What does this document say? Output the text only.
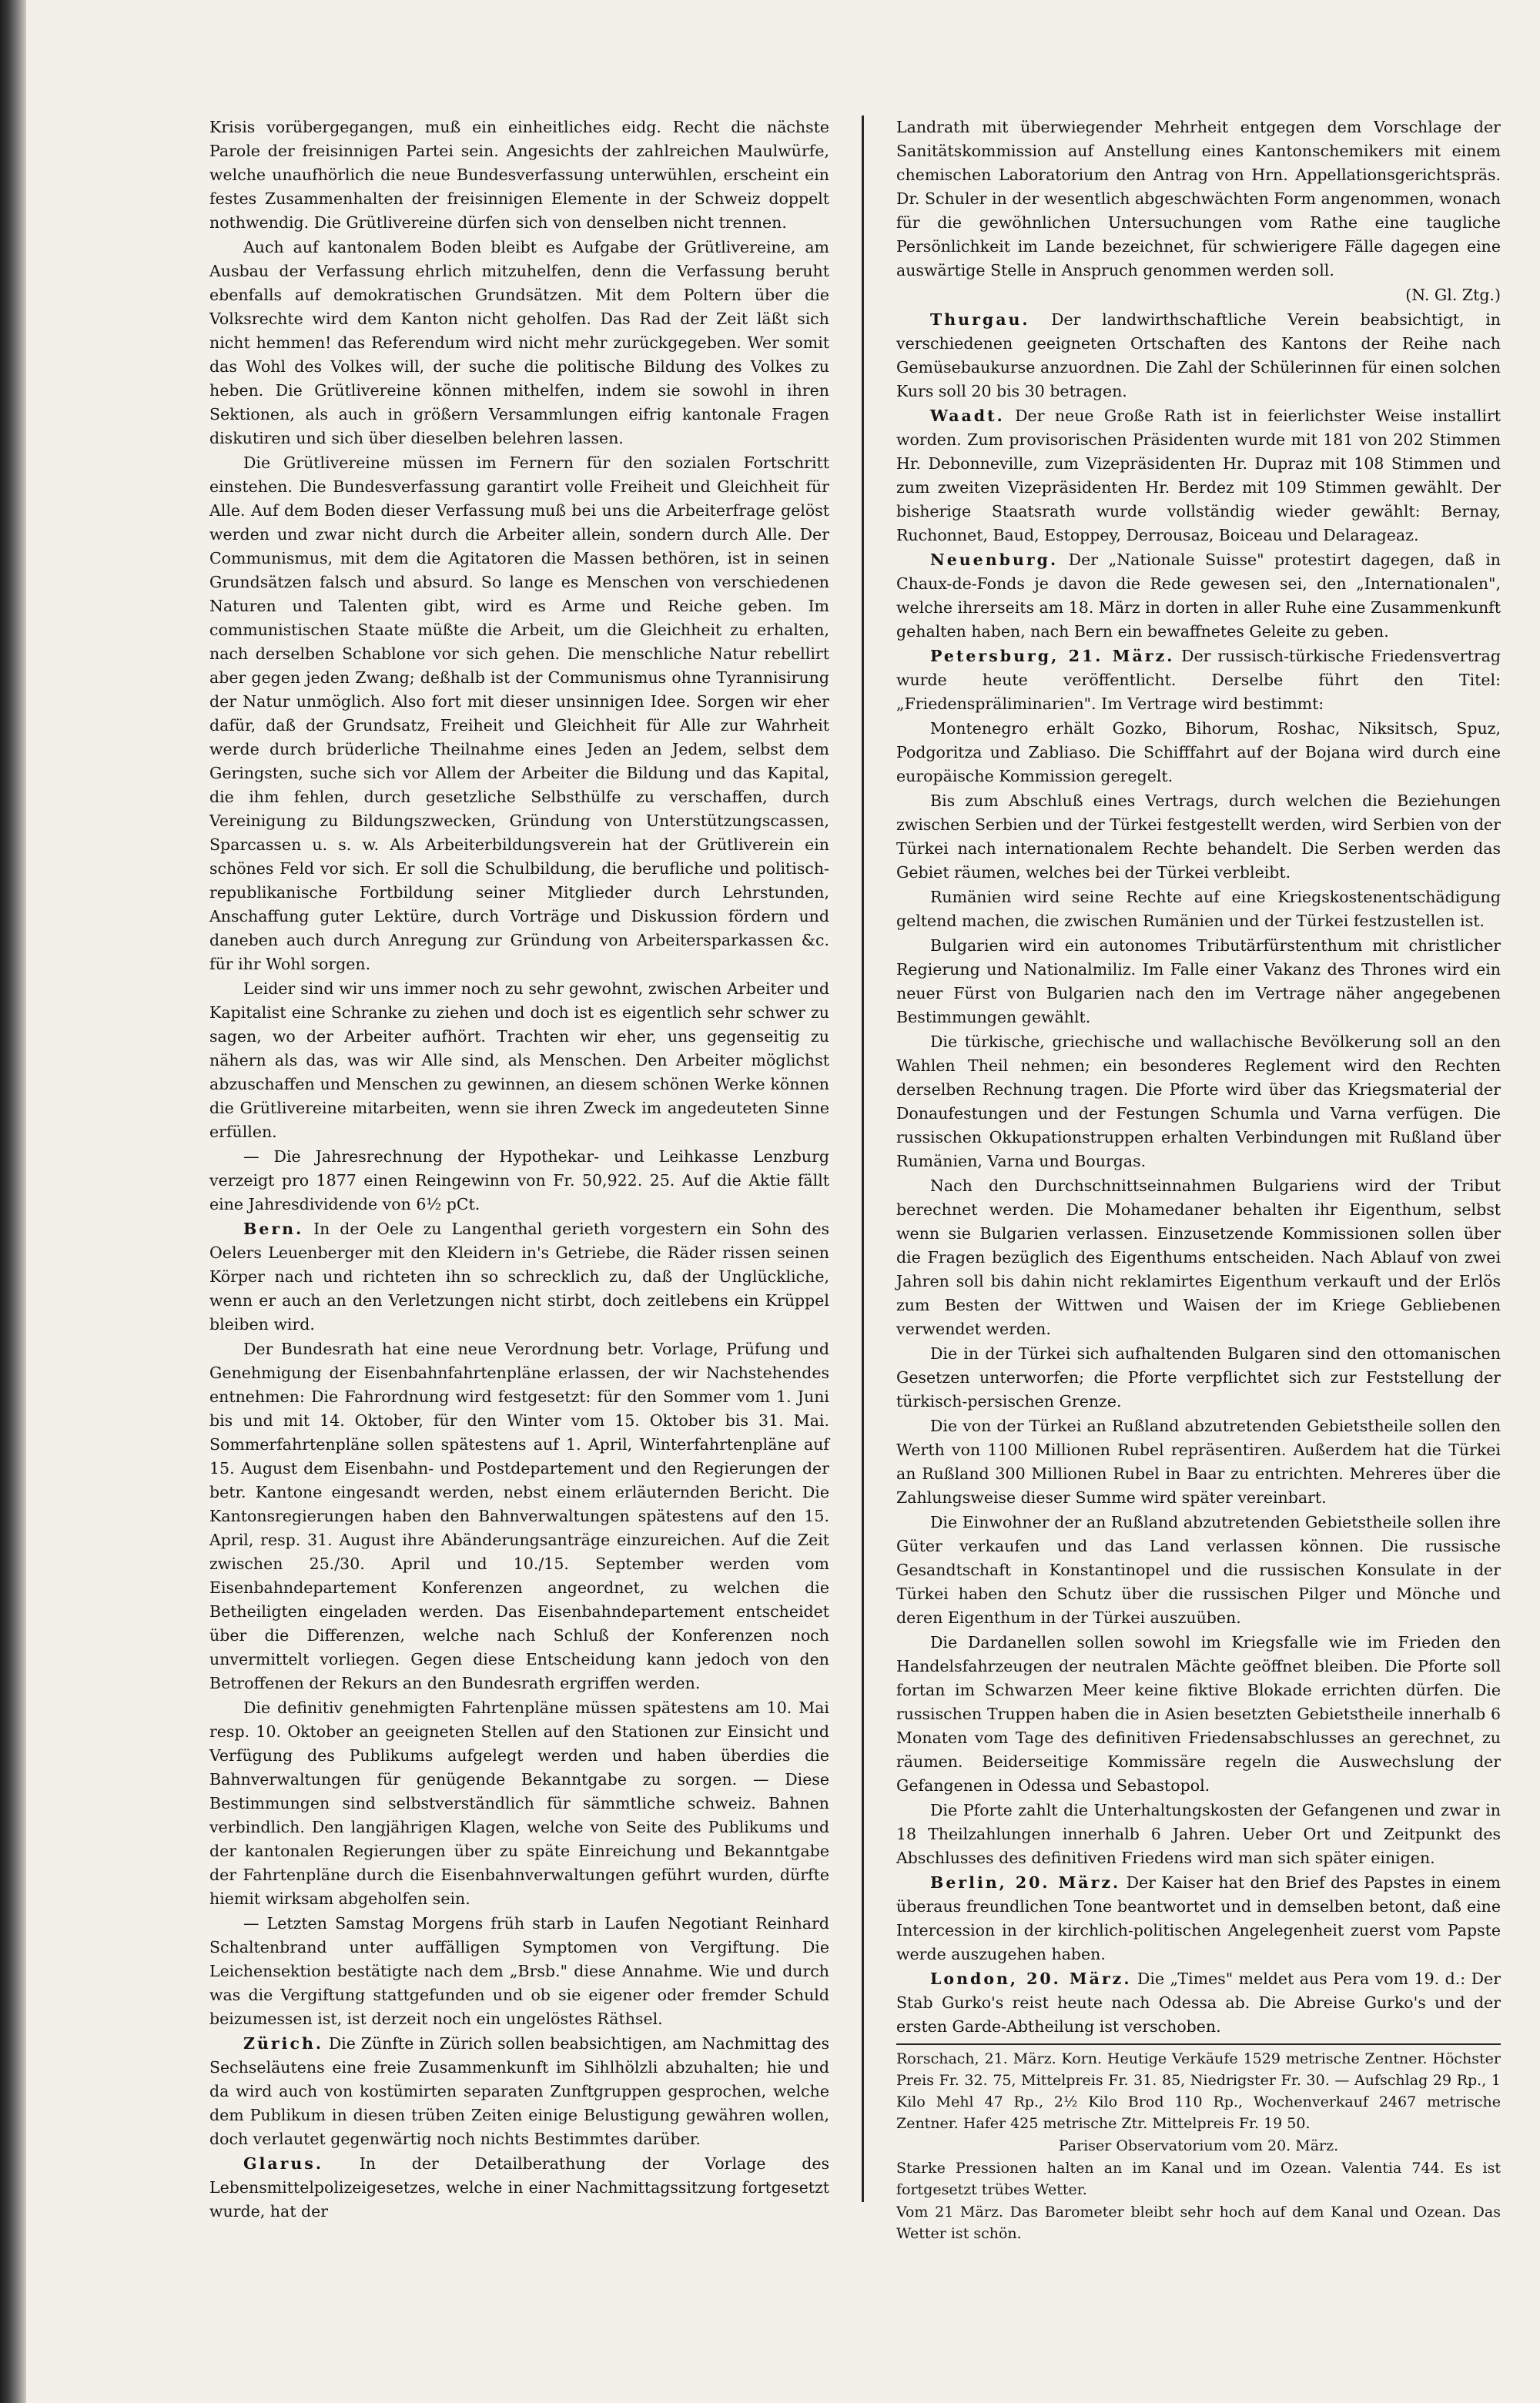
Krisis vorübergegangen, muß ein einheitliches eidg. Recht die nächste Parole der freisinnigen Partei sein. Angesichts der zahlreichen Maulwürfe, welche unaufhörlich die neue Bundesverfassung unterwühlen, erscheint ein festes Zusammenhalten der freisinnigen Elemente in der Schweiz doppelt nothwendig. Die Grütlivereine dürfen sich von denselben nicht trennen.

Auch auf kantonalem Boden bleibt es Aufgabe der Grütlivereine, am Ausbau der Verfassung ehrlich mitzuhelfen, denn die Verfassung beruht ebenfalls auf demokratischen Grundsätzen. Mit dem Poltern über die Volksrechte wird dem Kanton nicht geholfen. Das Rad der Zeit läßt sich nicht hemmen! das Referendum wird nicht mehr zurückgegeben. Wer somit das Wohl des Volkes will, der suche die politische Bildung des Volkes zu heben. Die Grütlivereine können mithelfen, indem sie sowohl in ihren Sektionen, als auch in größern Versammlungen eifrig kantonale Fragen diskutiren und sich über dieselben belehren lassen.

Die Grütlivereine müssen im Fernern für den sozialen Fortschritt einstehen. Die Bundesverfassung garantirt volle Freiheit und Gleichheit für Alle. Auf dem Boden dieser Verfassung muß bei uns die Arbeiterfrage gelöst werden und zwar nicht durch die Arbeiter allein, sondern durch Alle. Der Communismus, mit dem die Agitatoren die Massen bethören, ist in seinen Grundsätzen falsch und absurd. So lange es Menschen von verschiedenen Naturen und Talenten gibt, wird es Arme und Reiche geben. Im communistischen Staate müßte die Arbeit, um die Gleichheit zu erhalten, nach derselben Schablone vor sich gehen. Die menschliche Natur rebellirt aber gegen jeden Zwang; deßhalb ist der Communismus ohne Tyrannisirung der Natur unmöglich. Also fort mit dieser unsinnigen Idee. Sorgen wir eher dafür, daß der Grundsatz, Freiheit und Gleichheit für Alle zur Wahrheit werde durch brüderliche Theilnahme eines Jeden an Jedem, selbst dem Geringsten, suche sich vor Allem der Arbeiter die Bildung und das Kapital, die ihm fehlen, durch gesetzliche Selbsthülfe zu verschaffen, durch Vereinigung zu Bildungszwecken, Gründung von Unterstützungscassen, Sparcassen u. s. w. Als Arbeiterbildungsverein hat der Grütliverein ein schönes Feld vor sich. Er soll die Schulbildung, die berufliche und politisch-republikanische Fortbildung seiner Mitglieder durch Lehrstunden, Anschaffung guter Lektüre, durch Vorträge und Diskussion fördern und daneben auch durch Anregung zur Gründung von Arbeitersparkassen &c. für ihr Wohl sorgen.

Leider sind wir uns immer noch zu sehr gewohnt, zwischen Arbeiter und Kapitalist eine Schranke zu ziehen und doch ist es eigentlich sehr schwer zu sagen, wo der Arbeiter aufhört. Trachten wir eher, uns gegenseitig zu nähern als das, was wir Alle sind, als Menschen. Den Arbeiter möglichst abzuschaffen und Menschen zu gewinnen, an diesem schönen Werke können die Grütlivereine mitarbeiten, wenn sie ihren Zweck im angedeuteten Sinne erfüllen.

— Die Jahresrechnung der Hypothekar- und Leihkasse Lenzburg verzeigt pro 1877 einen Reingewinn von Fr. 50,922. 25. Auf die Aktie fällt eine Jahresdividende von 6½ pCt.

Bern. In der Oele zu Langenthal gerieth vorgestern ein Sohn des Oelers Leuenberger mit den Kleidern in's Getriebe, die Räder rissen seinen Körper nach und richteten ihn so schrecklich zu, daß der Unglückliche, wenn er auch an den Verletzungen nicht stirbt, doch zeitlebens ein Krüppel bleiben wird.

Der Bundesrath hat eine neue Verordnung betr. Vorlage, Prüfung und Genehmigung der Eisenbahnfahrtenpläne erlassen, der wir Nachstehendes entnehmen: Die Fahrordnung wird festgesetzt: für den Sommer vom 1. Juni bis und mit 14. Oktober, für den Winter vom 15. Oktober bis 31. Mai. Sommerfahrtenpläne sollen spätestens auf 1. April, Winterfahrtenpläne auf 15. August dem Eisenbahn- und Postdepartement und den Regierungen der betr. Kantone eingesandt werden, nebst einem erläuternden Bericht. Die Kantonsregierungen haben den Bahnverwaltungen spätestens auf den 15. April, resp. 31. August ihre Abänderungsanträge einzureichen. Auf die Zeit zwischen 25./30. April und 10./15. September werden vom Eisenbahndepartement Konferenzen angeordnet, zu welchen die Betheiligten eingeladen werden. Das Eisenbahndepartement entscheidet über die Differenzen, welche nach Schluß der Konferenzen noch unvermittelt vorliegen. Gegen diese Entscheidung kann jedoch von den Betroffenen der Rekurs an den Bundesrath ergriffen werden.

Die definitiv genehmigten Fahrtenpläne müssen spätestens am 10. Mai resp. 10. Oktober an geeigneten Stellen auf den Stationen zur Einsicht und Verfügung des Publikums aufgelegt werden und haben überdies die Bahnverwaltungen für genügende Bekanntgabe zu sorgen. — Diese Bestimmungen sind selbstverständlich für sämmtliche schweiz. Bahnen verbindlich. Den langjährigen Klagen, welche von Seite des Publikums und der kantonalen Regierungen über zu späte Einreichung und Bekanntgabe der Fahrtenpläne durch die Eisenbahnverwaltungen geführt wurden, dürfte hiemit wirksam abgeholfen sein.

— Letzten Samstag Morgens früh starb in Laufen Negotiant Reinhard Schaltenbrand unter auffälligen Symptomen von Vergiftung. Die Leichensektion bestätigte nach dem „Brsb." diese Annahme. Wie und durch was die Vergiftung stattgefunden und ob sie eigener oder fremder Schuld beizumessen ist, ist derzeit noch ein ungelöstes Räthsel.

Zürich. Die Zünfte in Zürich sollen beabsichtigen, am Nachmittag des Sechseläutens eine freie Zusammenkunft im Sihlhölzli abzuhalten; hie und da wird auch von kostümirten separaten Zunftgruppen gesprochen, welche dem Publikum in diesen trüben Zeiten einige Belustigung gewähren wollen, doch verlautet gegenwärtig noch nichts Bestimmtes darüber.

Glarus. In der Detailberathung der Vorlage des Lebensmittelpolizeigesetzes, welche in einer Nachmittagssitzung fortgesetzt wurde, hat der

Landrath mit überwiegender Mehrheit entgegen dem Vorschlage der Sanitätskommission auf Anstellung eines Kantonschemikers mit einem chemischen Laboratorium den Antrag von Hrn. Appellationsgerichtspräs. Dr. Schuler in der wesentlich abgeschwächten Form angenommen, wonach für die gewöhnlichen Untersuchungen vom Rathe eine taugliche Persönlichkeit im Lande bezeichnet, für schwierigere Fälle dagegen eine auswärtige Stelle in Anspruch genommen werden soll.

(N. Gl. Ztg.)

Thurgau. Der landwirthschaftliche Verein beabsichtigt, in verschiedenen geeigneten Ortschaften des Kantons der Reihe nach Gemüsebaukurse anzuordnen. Die Zahl der Schülerinnen für einen solchen Kurs soll 20 bis 30 betragen.

Waadt. Der neue Große Rath ist in feierlichster Weise installirt worden. Zum provisorischen Präsidenten wurde mit 181 von 202 Stimmen Hr. Debonneville, zum Vizepräsidenten Hr. Dupraz mit 108 Stimmen und zum zweiten Vizepräsidenten Hr. Berdez mit 109 Stimmen gewählt. Der bisherige Staatsrath wurde vollständig wieder gewählt: Bernay, Ruchonnet, Baud, Estoppey, Derrousaz, Boiceau und Delarageaz.

Neuenburg. Der „Nationale Suisse" protestirt dagegen, daß in Chaux-de-Fonds je davon die Rede gewesen sei, den „Internationalen", welche ihrerseits am 18. März in dorten in aller Ruhe eine Zusammenkunft gehalten haben, nach Bern ein bewaffnetes Geleite zu geben.

Petersburg, 21. März. Der russisch-türkische Friedensvertrag wurde heute veröffentlicht. Derselbe führt den Titel: „Friedenspräliminarien". Im Vertrage wird bestimmt:

Montenegro erhält Gozko, Bihorum, Roshac, Niksitsch, Spuz, Podgoritza und Zabliaso. Die Schifffahrt auf der Bojana wird durch eine europäische Kommission geregelt.

Bis zum Abschluß eines Vertrags, durch welchen die Beziehungen zwischen Serbien und der Türkei festgestellt werden, wird Serbien von der Türkei nach internationalem Rechte behandelt. Die Serben werden das Gebiet räumen, welches bei der Türkei verbleibt.

Rumänien wird seine Rechte auf eine Kriegskostenentschädigung geltend machen, die zwischen Rumänien und der Türkei festzustellen ist.

Bulgarien wird ein autonomes Tributärfürstenthum mit christlicher Regierung und Nationalmiliz. Im Falle einer Vakanz des Thrones wird ein neuer Fürst von Bulgarien nach den im Vertrage näher angegebenen Bestimmungen gewählt.

Die türkische, griechische und wallachische Bevölkerung soll an den Wahlen Theil nehmen; ein besonderes Reglement wird den Rechten derselben Rechnung tragen. Die Pforte wird über das Kriegsmaterial der Donaufestungen und der Festungen Schumla und Varna verfügen. Die russischen Okkupationstruppen erhalten Verbindungen mit Rußland über Rumänien, Varna und Bourgas.

Nach den Durchschnittseinnahmen Bulgariens wird der Tribut berechnet werden. Die Mohamedaner behalten ihr Eigenthum, selbst wenn sie Bulgarien verlassen. Einzusetzende Kommissionen sollen über die Fragen bezüglich des Eigenthums entscheiden. Nach Ablauf von zwei Jahren soll bis dahin nicht reklamirtes Eigenthum verkauft und der Erlös zum Besten der Wittwen und Waisen der im Kriege Gebliebenen verwendet werden.

Die in der Türkei sich aufhaltenden Bulgaren sind den ottomanischen Gesetzen unterworfen; die Pforte verpflichtet sich zur Feststellung der türkisch-persischen Grenze.

Die von der Türkei an Rußland abzutretenden Gebietstheile sollen den Werth von 1100 Millionen Rubel repräsentiren. Außerdem hat die Türkei an Rußland 300 Millionen Rubel in Baar zu entrichten. Mehreres über die Zahlungsweise dieser Summe wird später vereinbart.

Die Einwohner der an Rußland abzutretenden Gebietstheile sollen ihre Güter verkaufen und das Land verlassen können. Die russische Gesandtschaft in Konstantinopel und die russischen Konsulate in der Türkei haben den Schutz über die russischen Pilger und Mönche und deren Eigenthum in der Türkei auszuüben.

Die Dardanellen sollen sowohl im Kriegsfalle wie im Frieden den Handelsfahrzeugen der neutralen Mächte geöffnet bleiben. Die Pforte soll fortan im Schwarzen Meer keine fiktive Blokade errichten dürfen. Die russischen Truppen haben die in Asien besetzten Gebietstheile innerhalb 6 Monaten vom Tage des definitiven Friedensabschlusses an gerechnet, zu räumen. Beiderseitige Kommissäre regeln die Auswechslung der Gefangenen in Odessa und Sebastopol.

Die Pforte zahlt die Unterhaltungskosten der Gefangenen und zwar in 18 Theilzahlungen innerhalb 6 Jahren. Ueber Ort und Zeitpunkt des Abschlusses des definitiven Friedens wird man sich später einigen.

Berlin, 20. März. Der Kaiser hat den Brief des Papstes in einem überaus freundlichen Tone beantwortet und in demselben betont, daß eine Intercession in der kirchlich-politischen Angelegenheit zuerst vom Papste werde auszugehen haben.

London, 20. März. Die „Times" meldet aus Pera vom 19. d.: Der Stab Gurko's reist heute nach Odessa ab. Die Abreise Gurko's und der ersten Garde-Abtheilung ist verschoben.

Rorschach, 21. März. Korn. Heutige Verkäufe 1529 metrische Zentner. Höchster Preis Fr. 32. 75, Mittelpreis Fr. 31. 85, Niedrigster Fr. 30. — Aufschlag 29 Rp., 1 Kilo Mehl 47 Rp., 2½ Kilo Brod 110 Rp., Wochenverkauf 2467 metrische Zentner. Hafer 425 metrische Ztr. Mittelpreis Fr. 19 50.

Pariser Observatorium vom 20. März.

Starke Pressionen halten an im Kanal und im Ozean. Valentia 744. Es ist fortgesetzt trübes Wetter.

Vom 21 März. Das Barometer bleibt sehr hoch auf dem Kanal und Ozean. Das Wetter ist schön.
